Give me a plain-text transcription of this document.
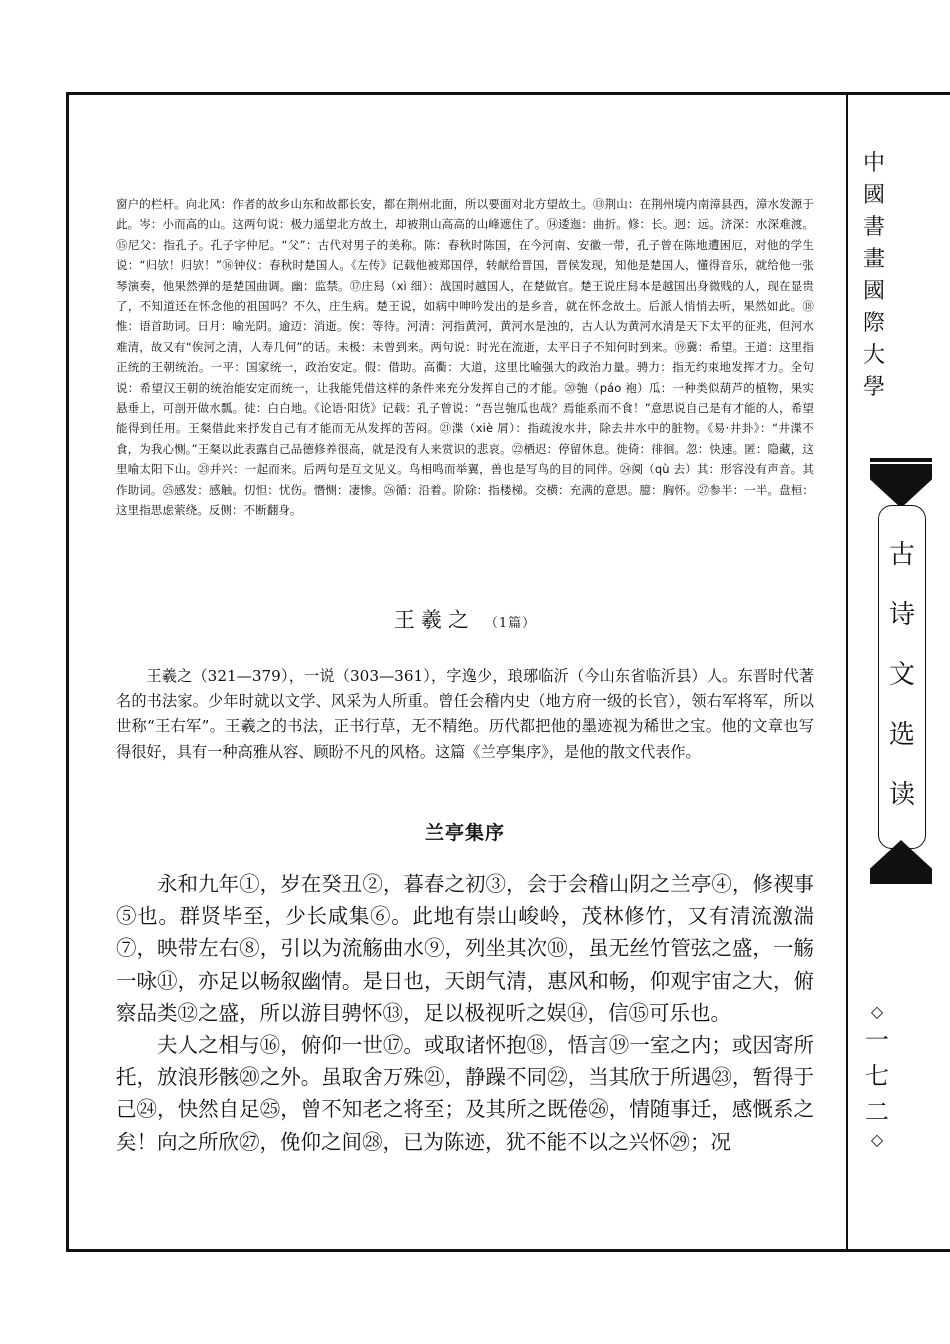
中
國
書
畫
國
際
大
學
古
诗
文
选
读
◇
一
七
二
◇

窗户的栏杆。向北风：作者的故乡山东和故都长安，都在荆州北面，所以要面对北方望故土。⑬荆山：在荆州境内南漳县西，漳水发源于此。岑：小而高的山。这两句说：极力遥望北方故土，却被荆山高高的山峰遮住了。⑭逶迤：曲折。修：长。迥：远。济深：水深难渡。⑮尼父：指孔子。孔子字仲尼。“父”：古代对男子的美称。陈：春秋时陈国，在今河南、安徽一带，孔子曾在陈地遭困厄，对他的学生说：“归欤！归欤！”⑯钟仪：春秋时楚国人。《左传》记载他被郑国俘，转献给晋国，晋侯发现，知他是楚国人，懂得音乐，就给他一张琴演奏，他果然弹的是楚国曲调。幽：监禁。⑰庄舄（xì 细）：战国时越国人，在楚做官。楚王说庄舄本是越国出身微贱的人，现在显贵了，不知道还在怀念他的祖国吗？不久，庄生病。楚王说，如病中呻吟发出的是乡音，就在怀念故土。后派人悄悄去听，果然如此。⑱惟：语首助词。日月：喻光阴。逾迈：消逝。俟：等待。河清：河指黄河，黄河水是浊的，古人认为黄河水清是天下太平的征兆，但河水难清，故又有“俟河之清，人寿几何”的话。未极：未曾到来。两句说：时光在流逝，太平日子不知何时到来。⑲冀：希望。王道：这里指正统的王朝统治。一平：国家统一，政治安定。假：借助。高衢：大道，这里比喻强大的政治力量。骋力：指无约束地发挥才力。全句说：希望汉王朝的统治能安定而统一，让我能凭借这样的条件来充分发挥自己的才能。⑳匏（páo 袍）瓜：一种类似葫芦的植物，果实悬垂上，可剖开做水瓢。徒：白白地。《论语·阳货》记载：孔子曾说：“吾岂匏瓜也哉？焉能系而不食！”意思说自己是有才能的人，希望能得到任用。王粲借此来抒发自己有才能而无从发挥的苦闷。㉑渫（xiè 屑）：指疏浚水井，除去井水中的脏物。《易·井卦》：“井渫不食，为我心恻。”王粲以此表露自己品德修养很高，就是没有人来赏识的悲哀。㉒栖迟：停留休息。徙倚：徘徊。忽：快速。匿：隐藏，这里喻太阳下山。㉓并兴：一起而来。后两句是互文见义。鸟相鸣而举翼，兽也是写鸟的目的同伴。㉔阒（qù 去）其：形容没有声音。其作助词。㉕感发：感触。忉怛：忧伤。憯恻：凄惨。㉖循：沿着。阶除：指楼梯。交横：充满的意思。臆：胸怀。㉗参半：一半。盘桓：这里指思虑萦绕。反侧：不断翻身。

王羲之 （1篇）

王羲之（321—379），一说（303—361），字逸少，琅琊临沂（今山东省临沂县）人。东晋时代著名的书法家。少年时就以文学、风采为人所重。曾任会稽内史（地方府一级的长官），领右军将军，所以世称“王右军”。王羲之的书法，正书行草，无不精绝。历代都把他的墨迹视为稀世之宝。他的文章也写得很好，具有一种高雅从容、顾盼不凡的风格。这篇《兰亭集序》，是他的散文代表作。

兰亭集序

永和九年①，岁在癸丑②，暮春之初③，会于会稽山阴之兰亭④，修禊事⑤也。群贤毕至，少长咸集⑥。此地有崇山峻岭，茂林修竹，又有清流激湍⑦，映带左右⑧，引以为流觞曲水⑨，列坐其次⑩，虽无丝竹管弦之盛，一觞一咏⑪，亦足以畅叙幽情。是日也，天朗气清，惠风和畅，仰观宇宙之大，俯察品类⑫之盛，所以游目骋怀⑬，足以极视听之娱⑭，信⑮可乐也。

夫人之相与⑯，俯仰一世⑰。或取诸怀抱⑱，悟言⑲一室之内；或因寄所托，放浪形骸⑳之外。虽取舍万殊㉑，静躁不同㉒，当其欣于所遇㉓，暂得于己㉔，快然自足㉕，曾不知老之将至；及其所之既倦㉖，情随事迁，感慨系之矣！向之所欣㉗，俛仰之间㉘，已为陈迹，犹不能不以之兴怀㉙；况
